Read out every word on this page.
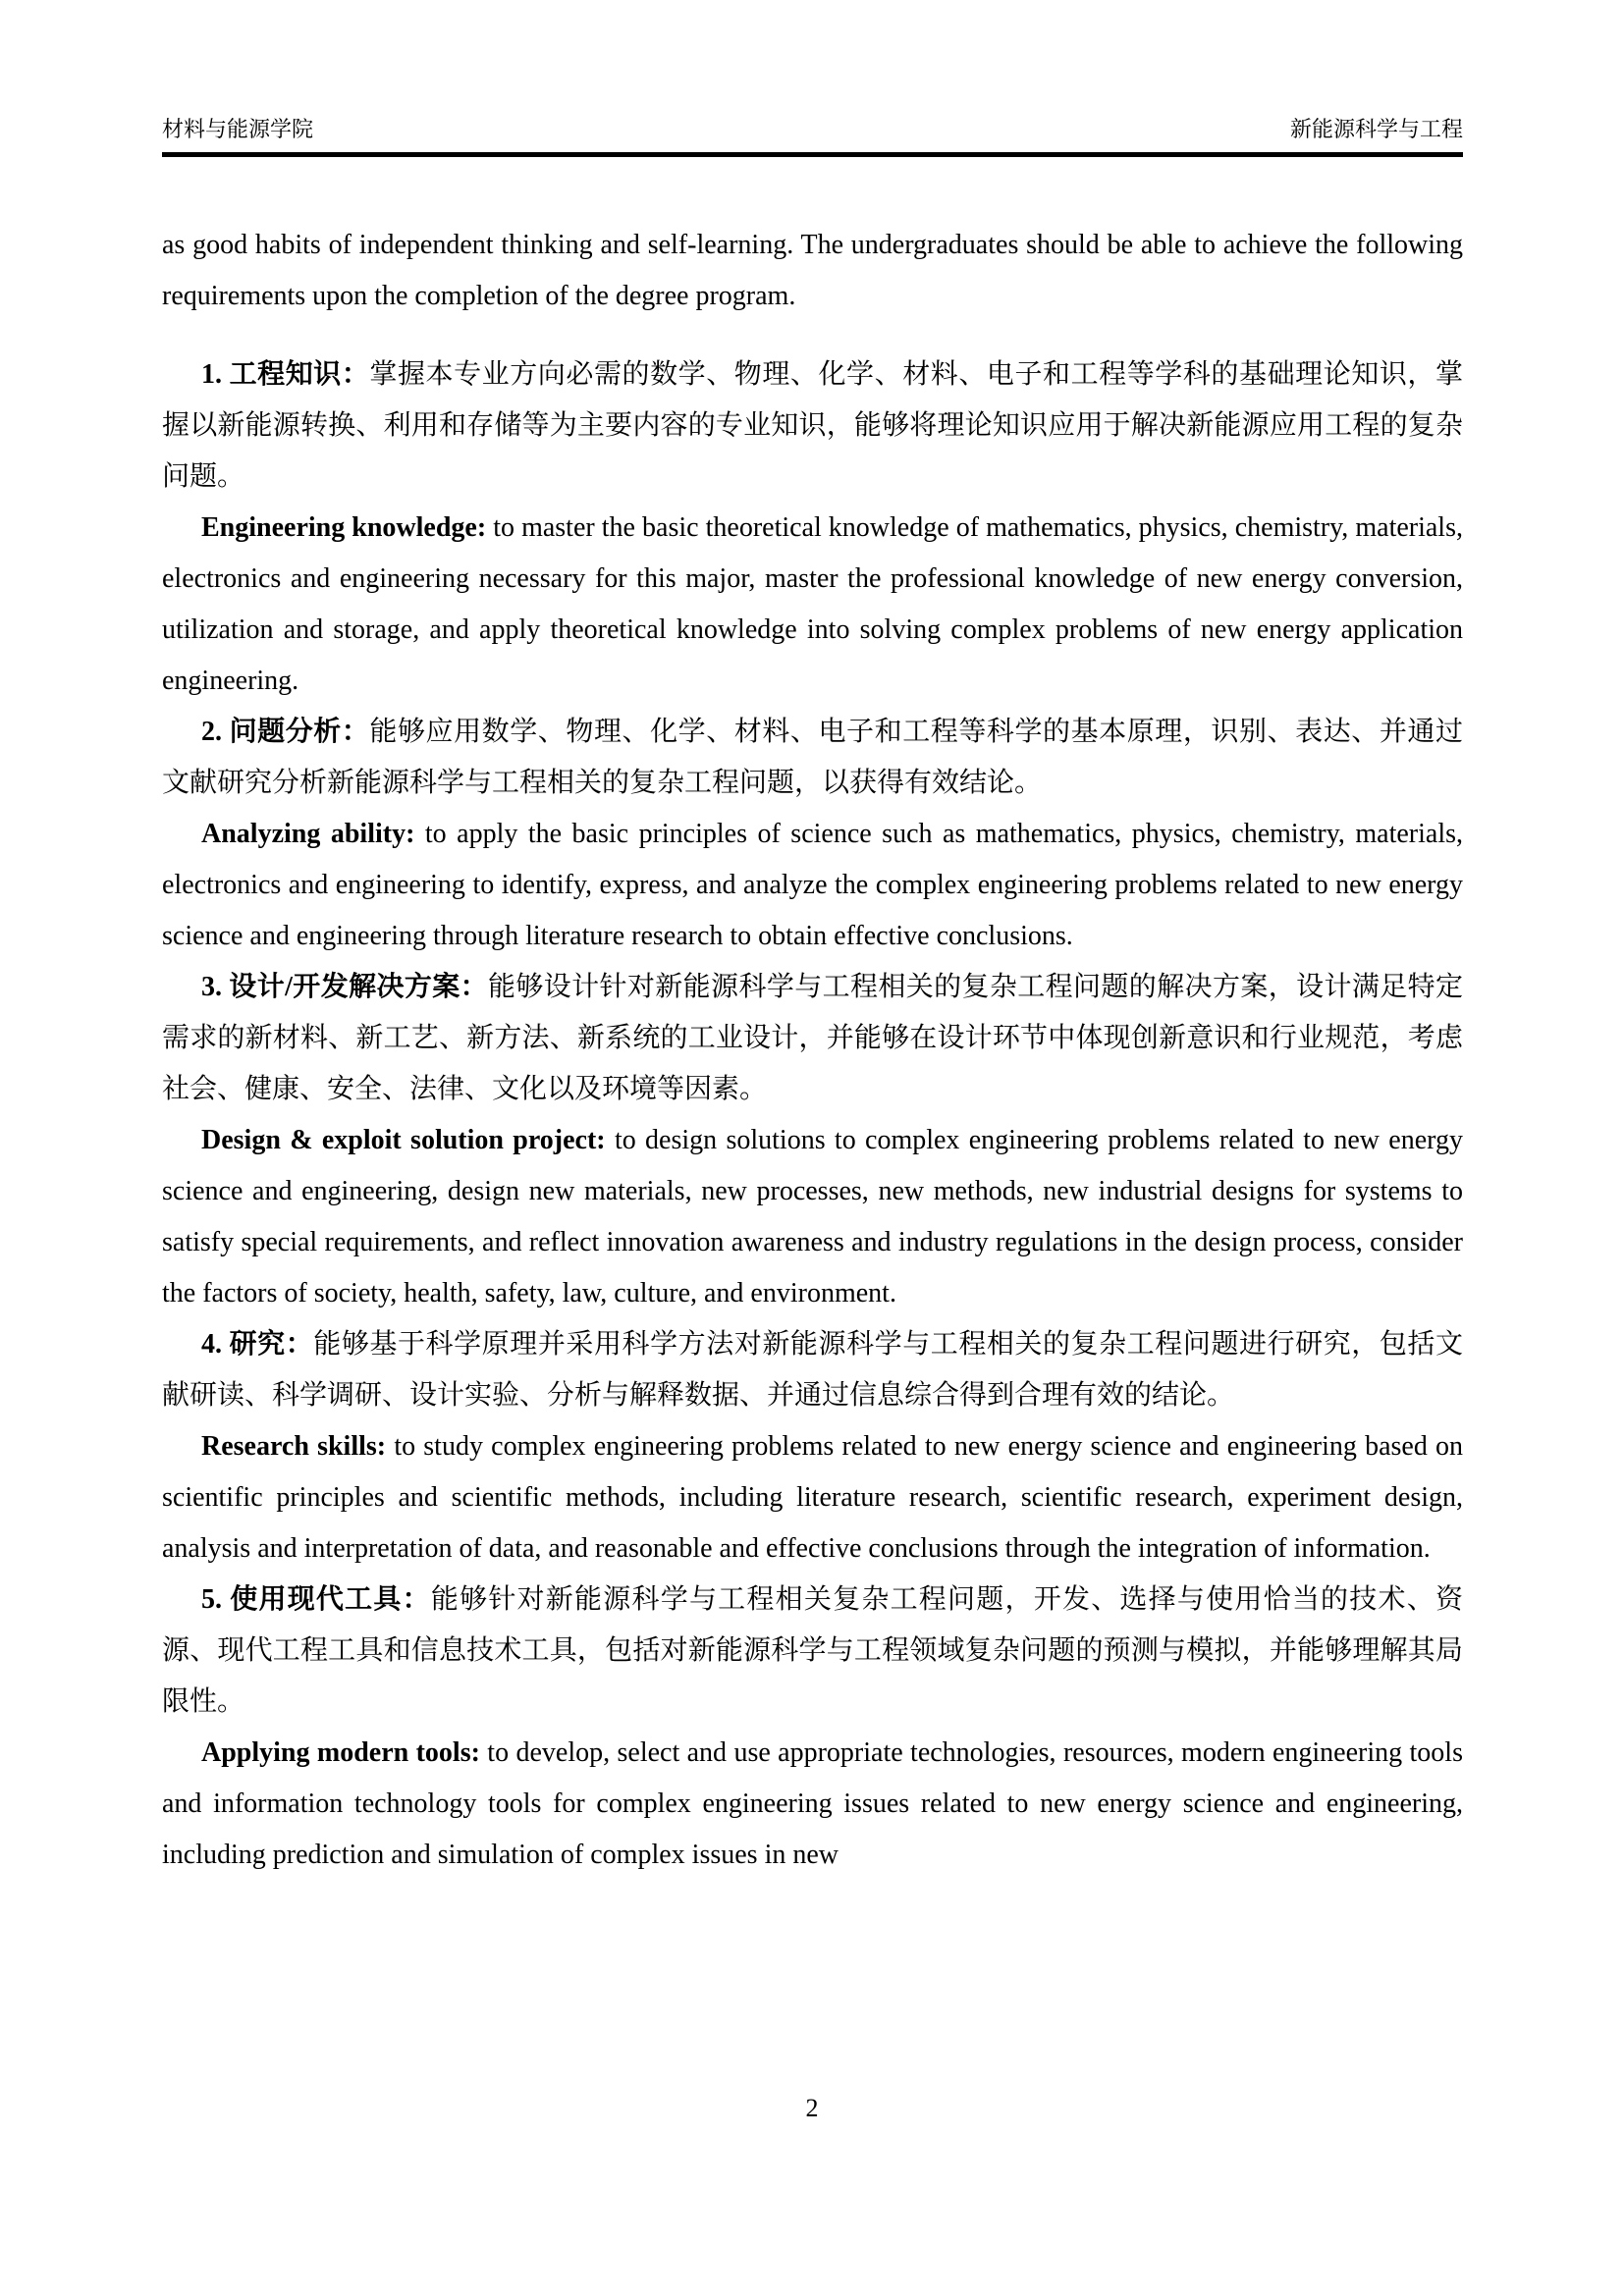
材料与能源学院	新能源科学与工程

as good habits of independent thinking and self-learning. The undergraduates should be able to achieve the following requirements upon the completion of the degree program.

1. 工程知识：掌握本专业方向必需的数学、物理、化学、材料、电子和工程等学科的基础理论知识，掌握以新能源转换、利用和存储等为主要内容的专业知识，能够将理论知识应用于解决新能源应用工程的复杂问题。

Engineering knowledge: to master the basic theoretical knowledge of mathematics, physics, chemistry, materials, electronics and engineering necessary for this major, master the professional knowledge of new energy conversion, utilization and storage, and apply theoretical knowledge into solving complex problems of new energy application engineering.

2. 问题分析：能够应用数学、物理、化学、材料、电子和工程等科学的基本原理，识别、表达、并通过文献研究分析新能源科学与工程相关的复杂工程问题，以获得有效结论。

Analyzing ability: to apply the basic principles of science such as mathematics, physics, chemistry, materials, electronics and engineering to identify, express, and analyze the complex engineering problems related to new energy science and engineering through literature research to obtain effective conclusions.

3. 设计/开发解决方案：能够设计针对新能源科学与工程相关的复杂工程问题的解决方案，设计满足特定需求的新材料、新工艺、新方法、新系统的工业设计，并能够在设计环节中体现创新意识和行业规范，考虑社会、健康、安全、法律、文化以及环境等因素。

Design & exploit solution project: to design solutions to complex engineering problems related to new energy science and engineering, design new materials, new processes, new methods, new industrial designs for systems to satisfy special requirements, and reflect innovation awareness and industry regulations in the design process, consider the factors of society, health, safety, law, culture, and environment.

4. 研究：能够基于科学原理并采用科学方法对新能源科学与工程相关的复杂工程问题进行研究，包括文献研读、科学调研、设计实验、分析与解释数据、并通过信息综合得到合理有效的结论。

Research skills: to study complex engineering problems related to new energy science and engineering based on scientific principles and scientific methods, including literature research, scientific research, experiment design, analysis and interpretation of data, and reasonable and effective conclusions through the integration of information.

5. 使用现代工具：能够针对新能源科学与工程相关复杂工程问题，开发、选择与使用恰当的技术、资源、现代工程工具和信息技术工具，包括对新能源科学与工程领域复杂问题的预测与模拟，并能够理解其局限性。

Applying modern tools: to develop, select and use appropriate technologies, resources, modern engineering tools and information technology tools for complex engineering issues related to new energy science and engineering, including prediction and simulation of complex issues in new

2
